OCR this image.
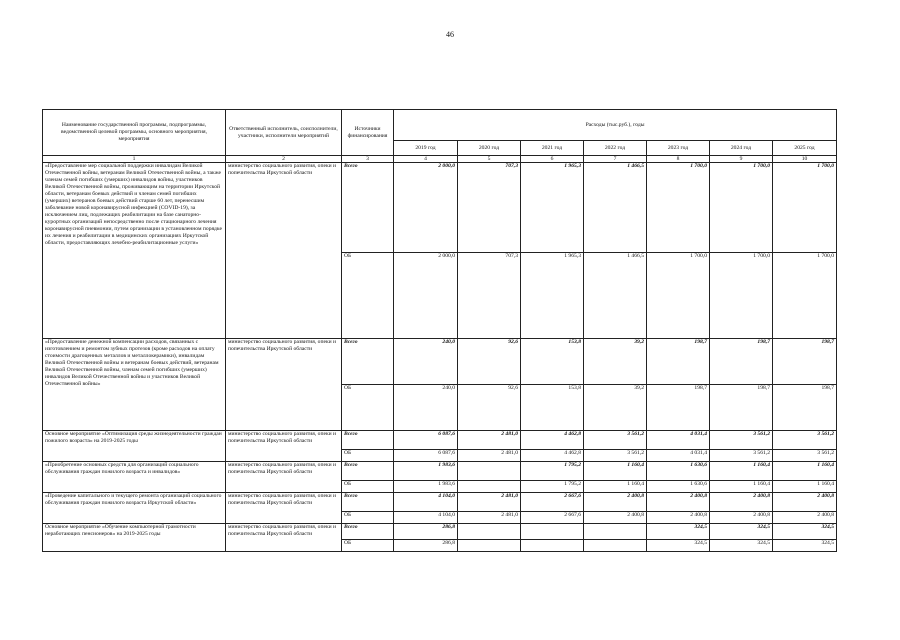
46
Наименование государственной программы, подпрограммы, ведомственной целевой программы, основного мероприятия, мероприятия	Ответственный исполнитель, соисполнители, участники, исполнители мероприятий	Источники финансирования	Расходы (тыс.руб.), годы						
			2019 год	2020 год	2021 год	2022 год	2023 год	2024 год	2025 год
1	2	3	4	5	6	7	8	9	10
«Предоставление мер социальной поддержки инвалидам Великой Отечественной войны, ветеранам Великой Отечественной войны, а также членам семей погибших (умерших) инвалидов войны, участников Великой Отечественной войны, проживающим на территории Иркутской области, ветеранам боевых действий и членам семей погибших (умерших) ветеранов боевых действий старше 60 лет, перенесшим заболевание новой коронавирусной инфекцией (COVID-19), за исключением лиц, подлежащих реабилитации на базе санаторно-курортных организаций непосредственно после стационарного лечения коронавирусной пневмонии, путем организации в установленном порядке их лечения и реабилитации в медицинских организациях Иркутской области, предоставляющих лечебно-реабилитационные услуги»	министерство социального развития, опеки и попечительства Иркутской области	Всего	2 000,0	707,3	1 965,3	1 466,5	1 700,0	1 700,0	1 700,0
		ОБ	2 000,0	707,3	1 965,3	1 466,5	1 700,0	1 700,0	1 700,0
«Предоставление денежной компенсации расходов, связанных с изготовлением и ремонтом зубных протезов (кроме расходов на оплату стоимости драгоценных металлов и металлокерамики), инвалидам Великой Отечественной войны и ветеранам боевых действий, ветеранам Великой Отечественной войны, членам семей погибших (умерших) инвалидов Великой Отечественной войны и участников Великой Отечественной войны»	министерство социального развития, опеки и попечительства Иркутской области	Всего	240,0	92,6	153,8	39,2	198,7	198,7	198,7
		ОБ	240,0	92,6	153,8	39,2	198,7	198,7	198,7
Основное мероприятие «Оптимизация среды жизнедеятельности граждан пожилого возраста» на 2019-2025 годы	министерство социального развития, опеки и попечительства Иркутской области	Всего	6 087,6	2 481,0	4 462,8	3 561,2	4 031,4	3 561,2	3 561,2
		ОБ	6 087,6	2 481,0	4 462,8	3 561,2	4 031,4	3 561,2	3 561,2
«Приобретение основных средств для организаций социального обслуживания граждан пожилого возраста и инвалидов»	министерство социального развития, опеки и попечительства Иркутской области	Всего	1 983,6		1 795,2	1 160,4	1 630,6	1 160,4	1 160,4
		ОБ	1 983,6		1 795,2	1 160,4	1 630,6	1 160,4	1 160,4
«Проведение капитального и текущего ремонта организаций социального обслуживания граждан пожилого возраста Иркутской области»	министерство социального развития, опеки и попечительства Иркутской области	Всего	4 104,0	2 481,0	2 667,6	2 400,8	2 400,8	2 400,8	2 400,8
		ОБ	4 104,0	2 481,0	2 667,6	2 400,8	2 400,8	2 400,8	2 400,8
Основное мероприятие «Обучение компьютерной грамотности неработающих пенсионеров» на 2019-2025 годы	министерство социального развития, опеки и попечительства Иркутской области	Всего	286,8				324,5	324,5	324,5
		ОБ	286,8				324,5	324,5	324,5
